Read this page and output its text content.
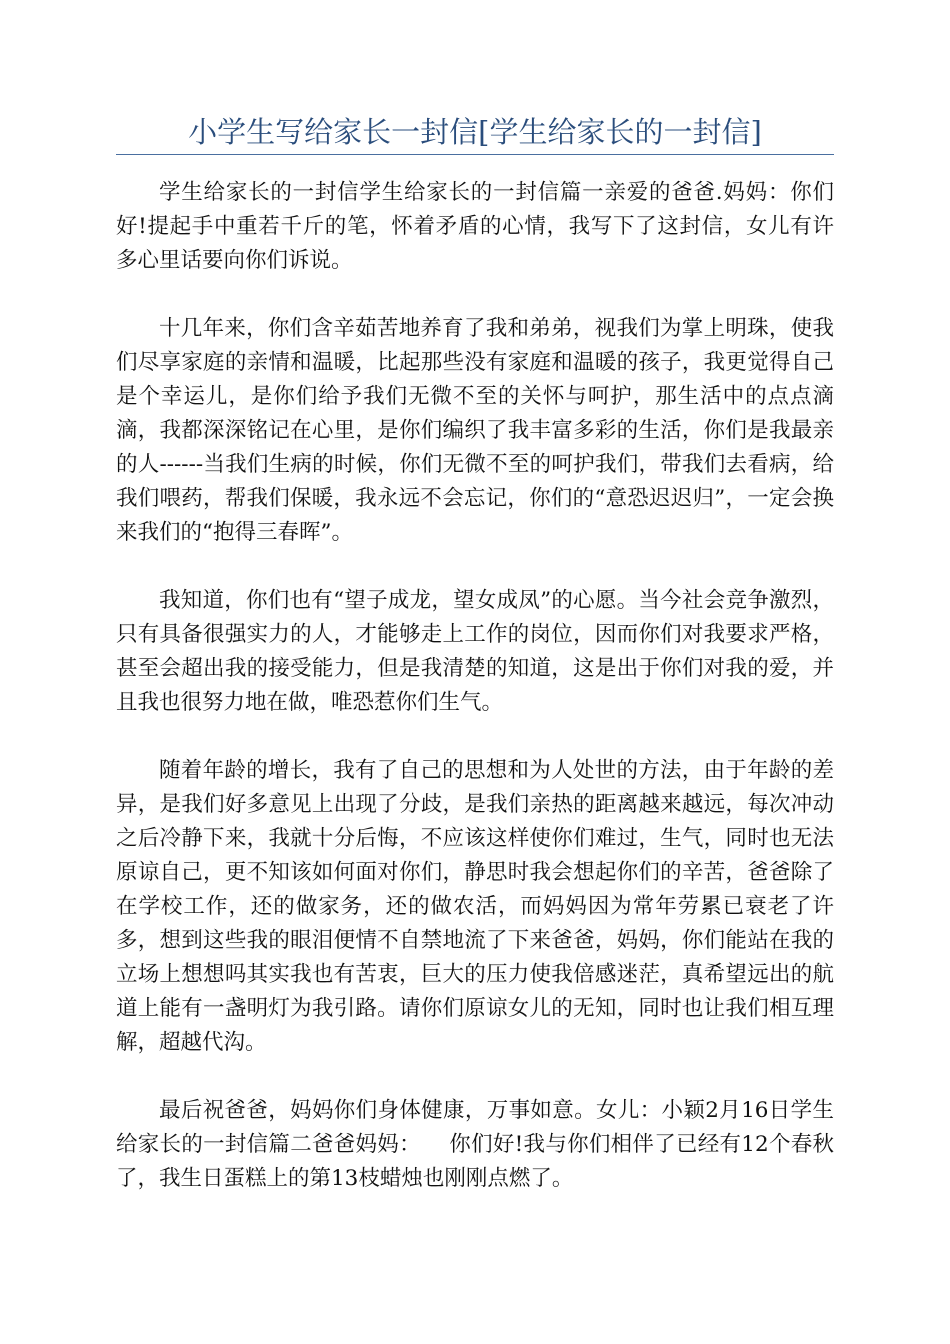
小学生写给家长一封信[学生给家长的一封信]

学生给家长的一封信学生给家长的一封信篇一亲爱的爸爸.妈妈：你们好!提起手中重若千斤的笔，怀着矛盾的心情，我写下了这封信，女儿有许多心里话要向你们诉说。

十几年来，你们含辛茹苦地养育了我和弟弟，视我们为掌上明珠，使我们尽享家庭的亲情和温暖，比起那些没有家庭和温暖的孩子，我更觉得自己是个幸运儿，是你们给予我们无微不至的关怀与呵护，那生活中的点点滴滴，我都深深铭记在心里，是你们编织了我丰富多彩的生活，你们是我最亲的人------当我们生病的时候，你们无微不至的呵护我们，带我们去看病，给我们喂药，帮我们保暖，我永远不会忘记，你们的“意恐迟迟归”，一定会换来我们的“抱得三春晖”。

我知道，你们也有“望子成龙，望女成凤”的心愿。当今社会竞争激烈，只有具备很强实力的人，才能够走上工作的岗位，因而你们对我要求严格，甚至会超出我的接受能力，但是我清楚的知道，这是出于你们对我的爱，并且我也很努力地在做，唯恐惹你们生气。

随着年龄的增长，我有了自己的思想和为人处世的方法，由于年龄的差异，是我们好多意见上出现了分歧，是我们亲热的距离越来越远，每次冲动之后冷静下来，我就十分后悔，不应该这样使你们难过，生气，同时也无法原谅自己，更不知该如何面对你们，静思时我会想起你们的辛苦，爸爸除了在学校工作，还的做家务，还的做农活，而妈妈因为常年劳累已衰老了许多，想到这些我的眼泪便情不自禁地流了下来爸爸，妈妈，你们能站在我的立场上想想吗其实我也有苦衷，巨大的压力使我倍感迷茫，真希望远出的航道上能有一盏明灯为我引路。请你们原谅女儿的无知，同时也让我们相互理解，超越代沟。

最后祝爸爸，妈妈你们身体健康，万事如意。女儿：小颖2月16日学生给家长的一封信篇二爸爸妈妈：    你们好!我与你们相伴了已经有12个春秋了，我生日蛋糕上的第13枝蜡烛也刚刚点燃了。
